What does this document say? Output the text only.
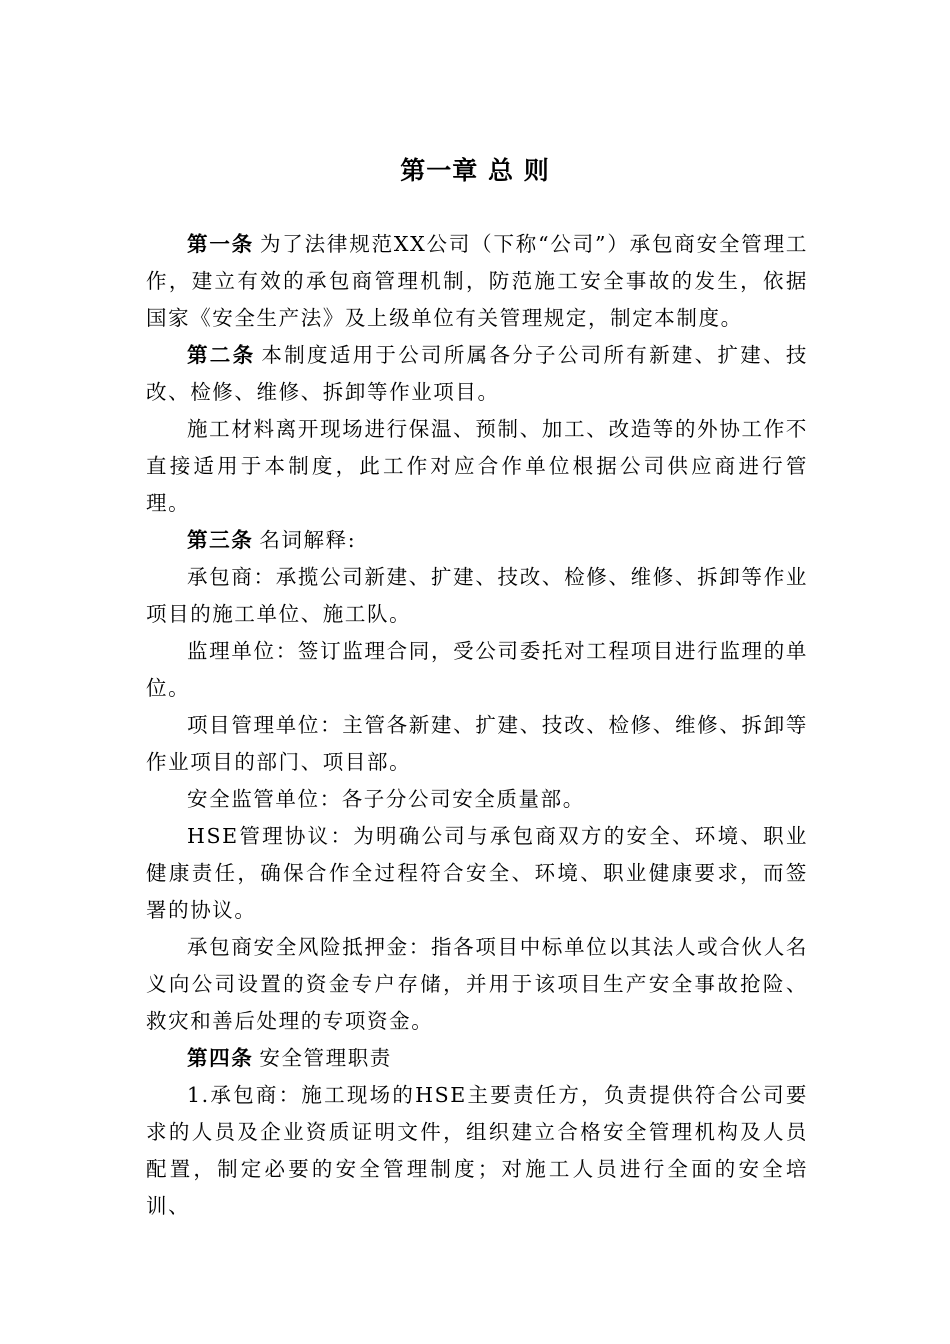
第一章 总 则

第一条 为了法律规范XX公司（下称“公司”）承包商安全管理工作，建立有效的承包商管理机制，防范施工安全事故的发生，依据国家《安全生产法》及上级单位有关管理规定，制定本制度。

第二条 本制度适用于公司所属各分子公司所有新建、扩建、技改、检修、维修、拆卸等作业项目。

施工材料离开现场进行保温、预制、加工、改造等的外协工作不直接适用于本制度，此工作对应合作单位根据公司供应商进行管理。

第三条 名词解释:

承包商：承揽公司新建、扩建、技改、检修、维修、拆卸等作业项目的施工单位、施工队。

监理单位：签订监理合同，受公司委托对工程项目进行监理的单位。

项目管理单位：主管各新建、扩建、技改、检修、维修、拆卸等作业项目的部门、项目部。

安全监管单位：各子分公司安全质量部。

HSE管理协议：为明确公司与承包商双方的安全、环境、职业健康责任，确保合作全过程符合安全、环境、职业健康要求，而签署的协议。

承包商安全风险抵押金：指各项目中标单位以其法人或合伙人名义向公司设置的资金专户存储，并用于该项目生产安全事故抢险、救灾和善后处理的专项资金。

第四条 安全管理职责

1.承包商：施工现场的HSE主要责任方，负责提供符合公司要求的人员及企业资质证明文件，组织建立合格安全管理机构及人员配置，制定必要的安全管理制度；对施工人员进行全面的安全培训、
